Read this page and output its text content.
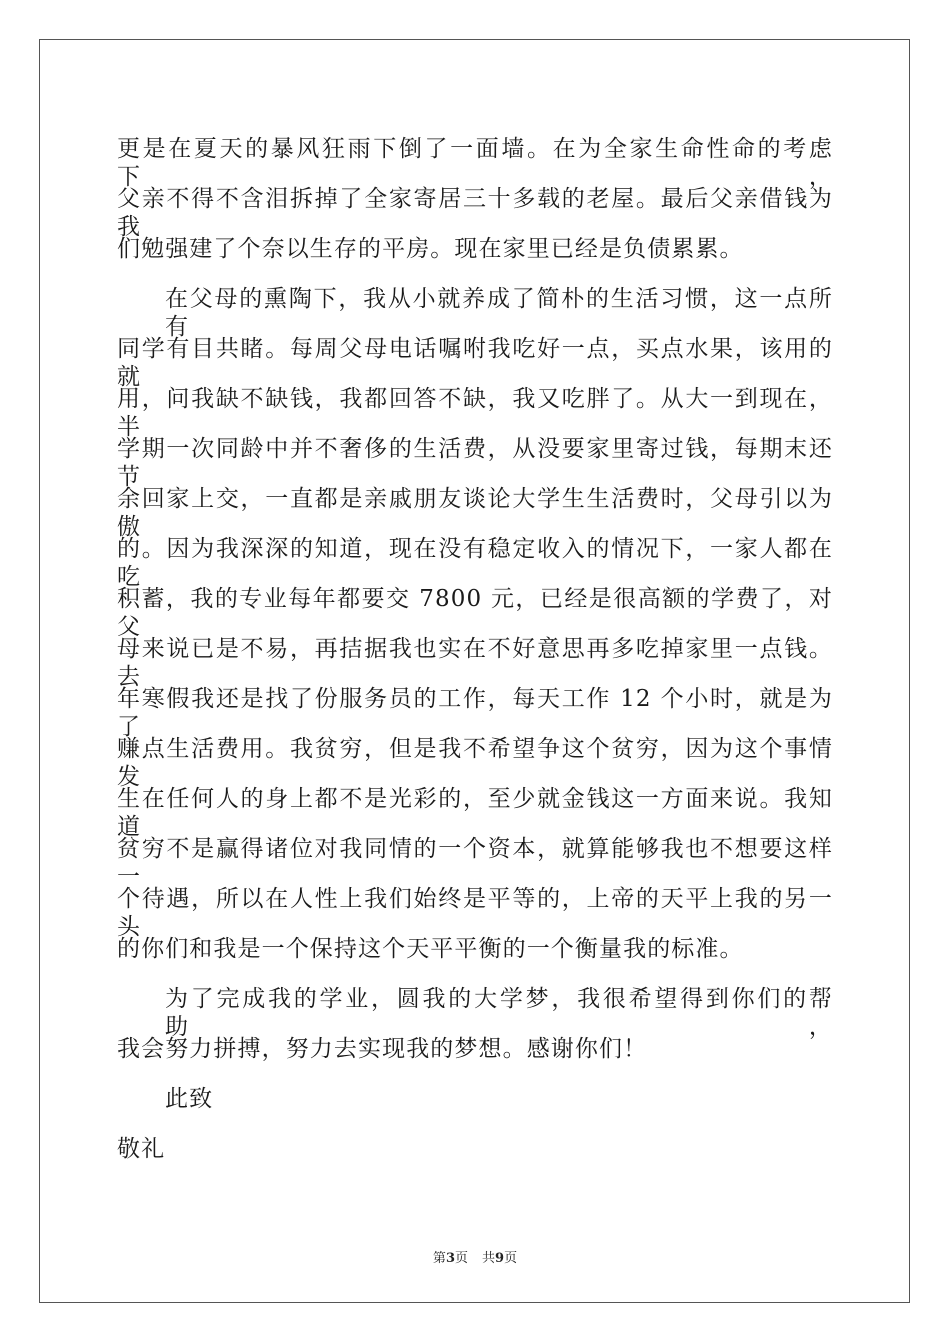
更是在夏天的暴风狂雨下倒了一面墙。在为全家生命性命的考虑下，
父亲不得不含泪拆掉了全家寄居三十多载的老屋。最后父亲借钱为我
们勉强建了个奈以生存的平房。现在家里已经是负债累累。
在父母的熏陶下，我从小就养成了简朴的生活习惯，这一点所有
同学有目共睹。每周父母电话嘱咐我吃好一点，买点水果，该用的就
用，问我缺不缺钱，我都回答不缺，我又吃胖了。从大一到现在，半
学期一次同龄中并不奢侈的生活费，从没要家里寄过钱，每期末还节
余回家上交，一直都是亲戚朋友谈论大学生生活费时，父母引以为傲
的。因为我深深的知道，现在没有稳定收入的情况下，一家人都在吃
积蓄，我的专业每年都要交 7800 元，已经是很高额的学费了，对父
母来说已是不易，再拮据我也实在不好意思再多吃掉家里一点钱。去
年寒假我还是找了份服务员的工作，每天工作 12 个小时，就是为了
赚点生活费用。我贫穷，但是我不希望争这个贫穷，因为这个事情发
生在任何人的身上都不是光彩的，至少就金钱这一方面来说。我知道
贫穷不是赢得诸位对我同情的一个资本，就算能够我也不想要这样一
个待遇，所以在人性上我们始终是平等的，上帝的天平上我的另一头
的你们和我是一个保持这个天平平衡的一个衡量我的标准。
为了完成我的学业，圆我的大学梦，我很希望得到你们的帮助，
我会努力拼搏，努力去实现我的梦想。感谢你们！
此致
敬礼
第3页 共9页
